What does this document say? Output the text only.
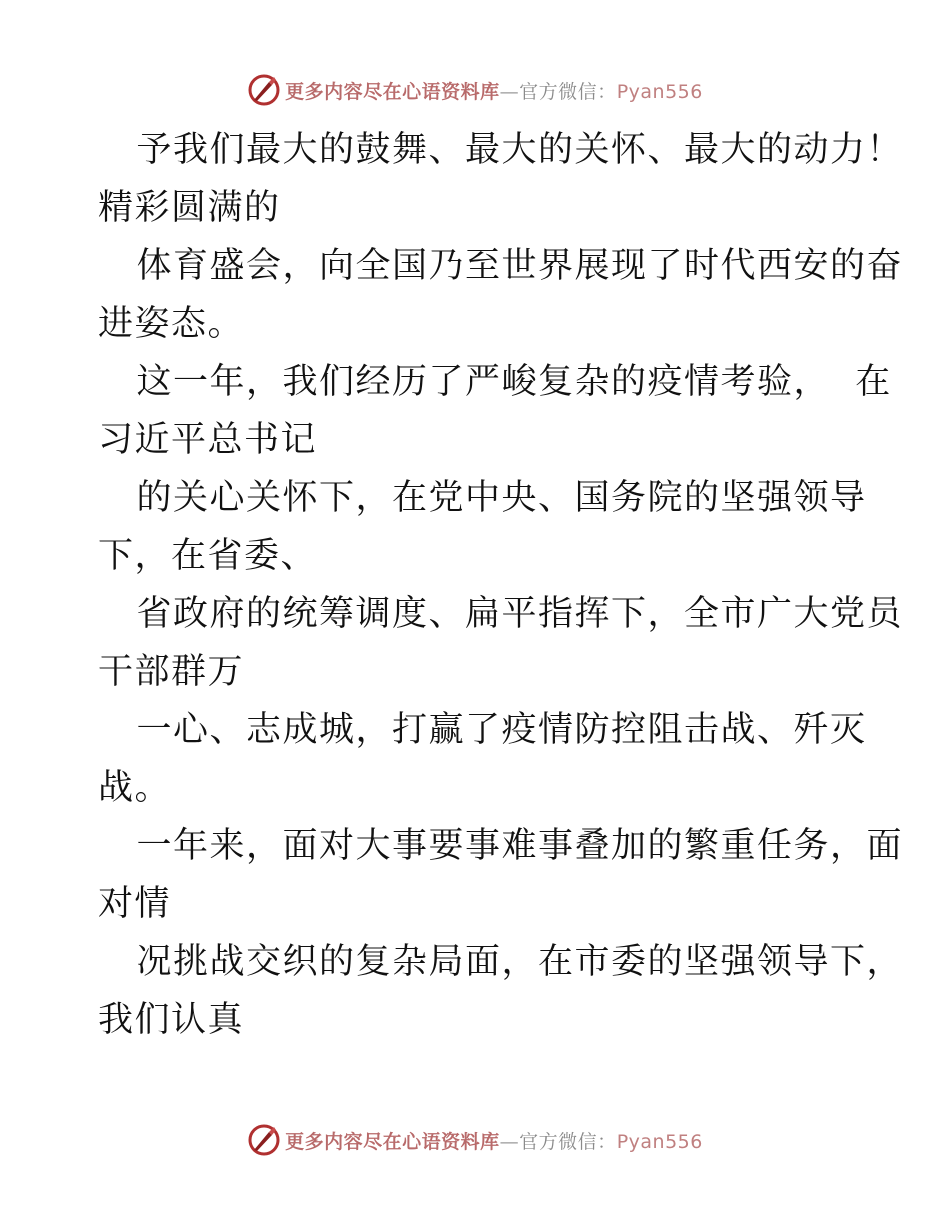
更多内容尽在心语资料库—官方微信：Pyan556

予我们最大的鼓舞、最大的关怀、最大的动力！
精彩圆满的

体育盛会，向全国乃至世界展现了时代西安的奋
进姿态。

这一年，我们经历了严峻复杂的疫情考验，  在
习近平总书记

的关心关怀下，在党中央、国务院的坚强领导
下，在省委、

省政府的统筹调度、扁平指挥下，全市广大党员
干部群万

一心、志成城，打赢了疫情防控阻击战、歼灭
战。

一年来，面对大事要事难事叠加的繁重任务，面
对情

况挑战交织的复杂局面，在市委的坚强领导下，
我们认真

更多内容尽在心语资料库—官方微信：Pyan556
